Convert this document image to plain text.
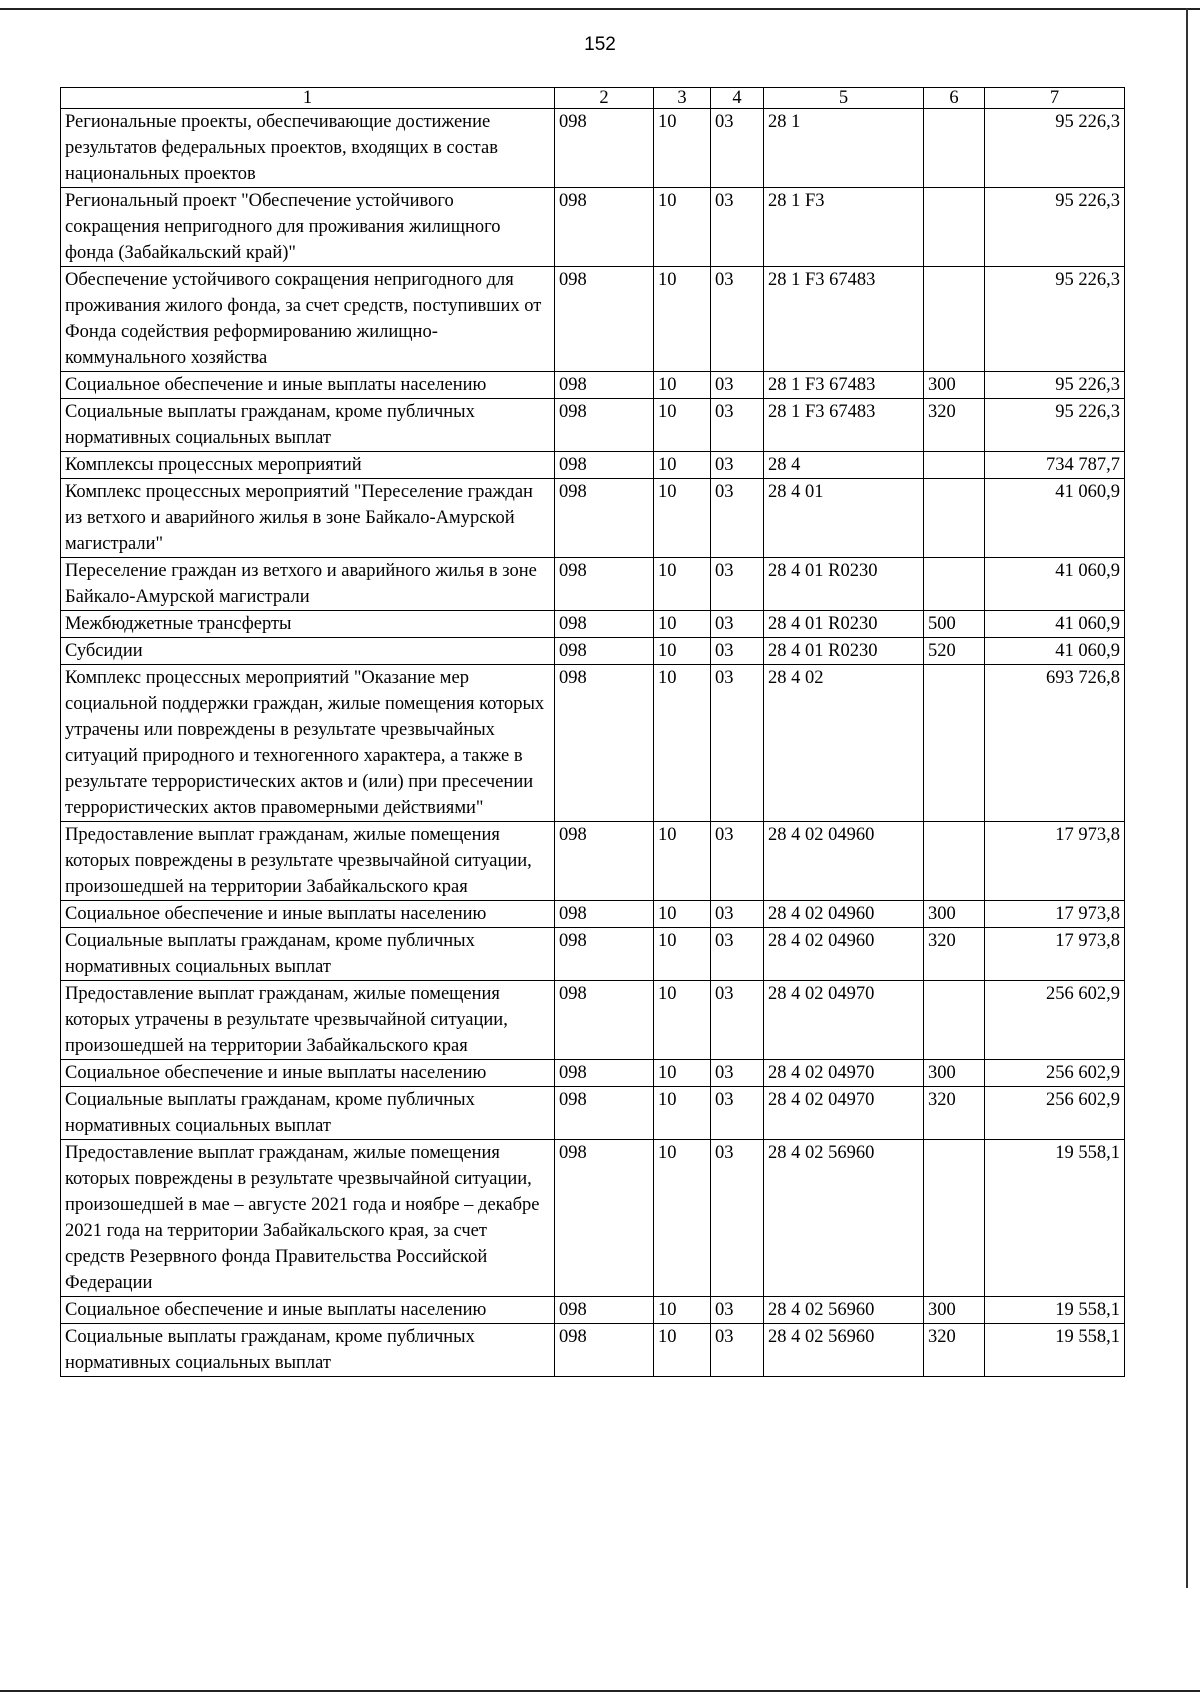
152
1	2	3	4	5	6	7
Региональные проекты, обеспечивающие достижение результатов федеральных проектов, входящих в состав национальных проектов	098	10	03	28 1		95 226,3
Региональный проект "Обеспечение устойчивого сокращения непригодного для проживания жилищного фонда (Забайкальский край)"	098	10	03	28 1 F3		95 226,3
Обеспечение устойчивого сокращения непригодного для проживания жилого фонда, за счет средств, поступивших от Фонда содействия реформированию жилищно-коммунального хозяйства	098	10	03	28 1 F3 67483		95 226,3
Социальное обеспечение и иные выплаты населению	098	10	03	28 1 F3 67483	300	95 226,3
Социальные выплаты гражданам, кроме публичных нормативных социальных выплат	098	10	03	28 1 F3 67483	320	95 226,3
Комплексы процессных мероприятий	098	10	03	28 4		734 787,7
Комплекс процессных мероприятий "Переселение граждан из ветхого и аварийного жилья в зоне Байкало-Амурской магистрали"	098	10	03	28 4 01		41 060,9
Переселение граждан из ветхого и аварийного жилья в зоне Байкало-Амурской магистрали	098	10	03	28 4 01 R0230		41 060,9
Межбюджетные трансферты	098	10	03	28 4 01 R0230	500	41 060,9
Субсидии	098	10	03	28 4 01 R0230	520	41 060,9
Комплекс процессных мероприятий "Оказание мер социальной поддержки граждан, жилые помещения которых утрачены или повреждены в результате чрезвычайных ситуаций природного и техногенного характера, а также в результате террористических актов и (или) при пресечении террористических актов правомерными действиями"	098	10	03	28 4 02		693 726,8
Предоставление выплат гражданам, жилые помещения которых повреждены в результате чрезвычайной ситуации, произошедшей на территории Забайкальского края	098	10	03	28 4 02 04960		17 973,8
Социальное обеспечение и иные выплаты населению	098	10	03	28 4 02 04960	300	17 973,8
Социальные выплаты гражданам, кроме публичных нормативных социальных выплат	098	10	03	28 4 02 04960	320	17 973,8
Предоставление выплат гражданам, жилые помещения которых утрачены в результате чрезвычайной ситуации, произошедшей на территории Забайкальского края	098	10	03	28 4 02 04970		256 602,9
Социальное обеспечение и иные выплаты населению	098	10	03	28 4 02 04970	300	256 602,9
Социальные выплаты гражданам, кроме публичных нормативных социальных выплат	098	10	03	28 4 02 04970	320	256 602,9
Предоставление выплат гражданам, жилые помещения которых повреждены в результате чрезвычайной ситуации, произошедшей в мае – августе 2021 года и ноябре – декабре 2021 года на территории Забайкальского края, за счет средств Резервного фонда Правительства Российской Федерации	098	10	03	28 4 02 56960		19 558,1
Социальное обеспечение и иные выплаты населению	098	10	03	28 4 02 56960	300	19 558,1
Социальные выплаты гражданам, кроме публичных нормативных социальных выплат	098	10	03	28 4 02 56960	320	19 558,1
